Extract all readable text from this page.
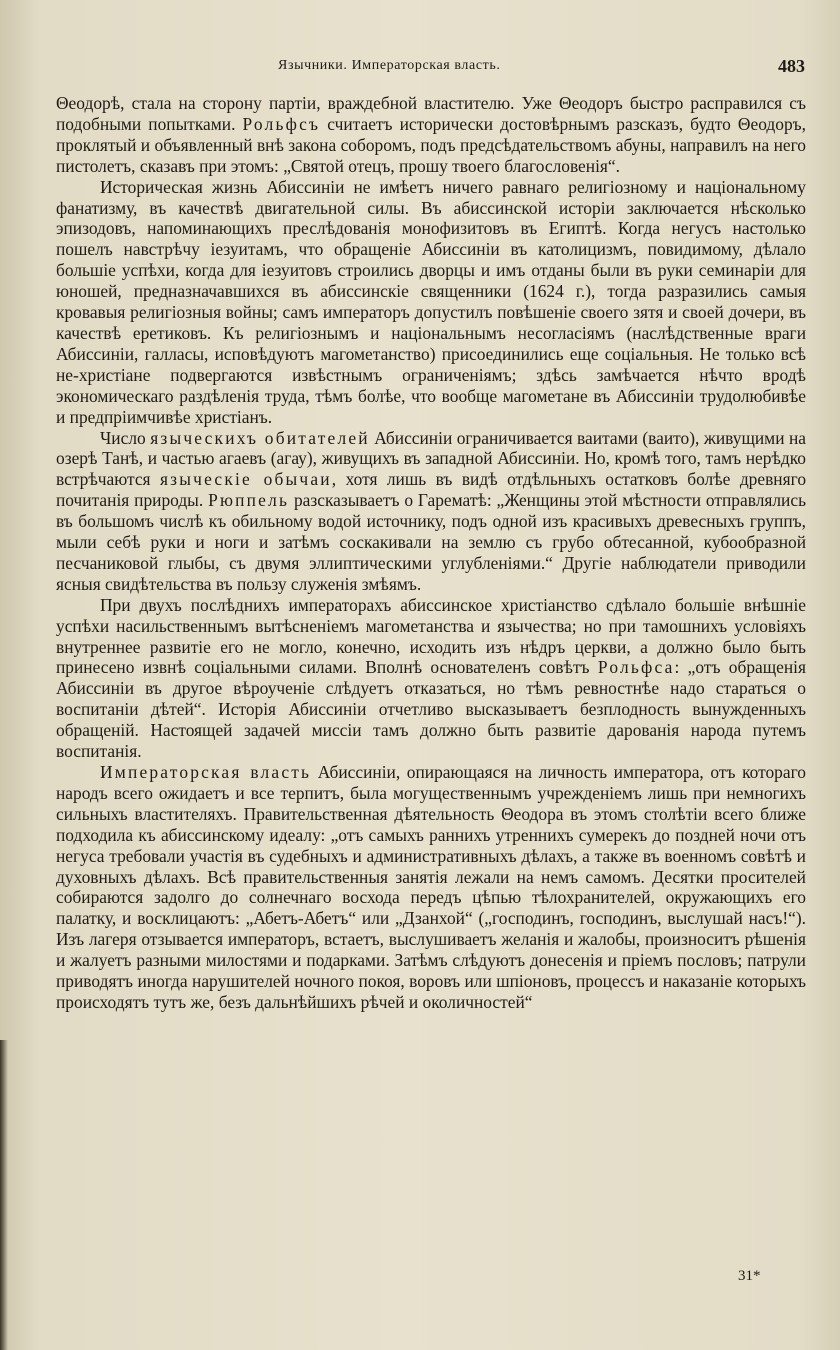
Язычники. Императорская власть.	483

Θеодорѣ, стала на сторону партіи, враждебной властителю. Уже Θеодоръ быстро расправился съ подобными попытками. Рольфсъ считаетъ исторически достовѣрнымъ разсказъ, будто Θеодоръ, проклятый и объявленный внѣ закона соборомъ, подъ предсѣдательствомъ абуны, направилъ на него пистолетъ, сказавъ при этомъ: „Святой отецъ, прошу твоего благословенія“.

Историческая жизнь Абиссиніи не имѣетъ ничего равнаго религіозному и національному фанатизму, въ качествѣ двигательной силы. Въ абиссинской исторіи заключается нѣсколько эпизодовъ, напоминающихъ преслѣдованія монофизитовъ въ Египтѣ. Когда негусъ настолько пошелъ навстрѣчу іезуитамъ, что обращеніе Абиссиніи въ католицизмъ, повидимому, дѣлало большіе успѣхи, когда для іезуитовъ строились дворцы и имъ отданы были въ руки семинаріи для юношей, предназначавшихся въ абиссинскіе священники (1624 г.), тогда разразились самыя кровавыя религіозныя войны; самъ императоръ допустилъ повѣшеніе своего зятя и своей дочери, въ качествѣ еретиковъ. Къ религіознымъ и національнымъ несогласіямъ (наслѣдственные враги Абиссиніи, галласы, исповѣдуютъ магометанство) присоединились еще соціальныя. Не только всѣ не-христіане подвергаются извѣстнымъ ограниченіямъ; здѣсь замѣчается нѣчто вродѣ экономическаго раздѣленія труда, тѣмъ болѣе, что вообще магометане въ Абиссиніи трудолюбивѣе и предпріимчивѣе христіанъ.

Число языческихъ обитателей Абиссиніи ограничивается ваитами (ваито), живущими на озерѣ Танѣ, и частью агаевъ (агау), живущихъ въ западной Абиссиніи. Но, кромѣ того, тамъ нерѣдко встрѣчаются языческіе обычаи, хотя лишь въ видѣ отдѣльныхъ остатковъ болѣе древняго почитанія природы. Рюппель разсказываетъ о Гарематѣ: „Женщины этой мѣстности отправлялись въ большомъ числѣ къ обильному водой источнику, подъ одной изъ красивыхъ древесныхъ группъ, мыли себѣ руки и ноги и затѣмъ соскакивали на землю съ грубо обтесанной, кубообразной песчаниковой глыбы, съ двумя эллиптическими углубленіями.“ Другіе наблюдатели приводили ясныя свидѣтельства въ пользу служенія змѣямъ.

При двухъ послѣднихъ императорахъ абиссинское христіанство сдѣлало большіе внѣшніе успѣхи насильственнымъ вытѣсненіемъ магометанства и язычества; но при тамошнихъ условіяхъ внутреннее развитіе его не могло, конечно, исходить изъ нѣдръ церкви, а должно было быть принесено извнѣ соціальными силами. Вполнѣ основателенъ совѣтъ Рольфса: „отъ обращенія Абиссиніи въ другое вѣроученіе слѣдуетъ отказаться, но тѣмъ ревностнѣе надо стараться о воспитаніи дѣтей“. Исторія Абиссиніи отчетливо высказываетъ безплодность вынужденныхъ обращеній. Настоящей задачей миссіи тамъ должно быть развитіе дарованія народа путемъ воспитанія.

Императорская власть Абиссиніи, опирающаяся на личность императора, отъ котораго народъ всего ожидаетъ и все терпитъ, была могущественнымъ учрежденіемъ лишь при немногихъ сильныхъ властителяхъ. Правительственная дѣятельность Θеодора въ этомъ столѣтіи всего ближе подходила къ абиссинскому идеалу: „отъ самыхъ раннихъ утреннихъ сумерекъ до поздней ночи отъ негуса требовали участія въ судебныхъ и административныхъ дѣлахъ, а также въ военномъ совѣтѣ и духовныхъ дѣлахъ. Всѣ правительственныя занятія лежали на немъ самомъ. Десятки просителей собираются задолго до солнечнаго восхода передъ цѣпью тѣлохранителей, окружающихъ его палатку, и восклицаютъ: „Абетъ-Абетъ“ или „Дзанхой“ („господинъ, господинъ, выслушай насъ!“). Изъ лагеря отзывается императоръ, встаетъ, выслушиваетъ желанія и жалобы, произноситъ рѣшенія и жалуетъ разными милостями и подарками. Затѣмъ слѣдуютъ донесенія и пріемъ пословъ; патрули приводятъ иногда нарушителей ночного покоя, воровъ или шпіоновъ, процессъ и наказаніе которыхъ происходятъ тутъ же, безъ дальнѣйшихъ рѣчей и околичностей“

31*
